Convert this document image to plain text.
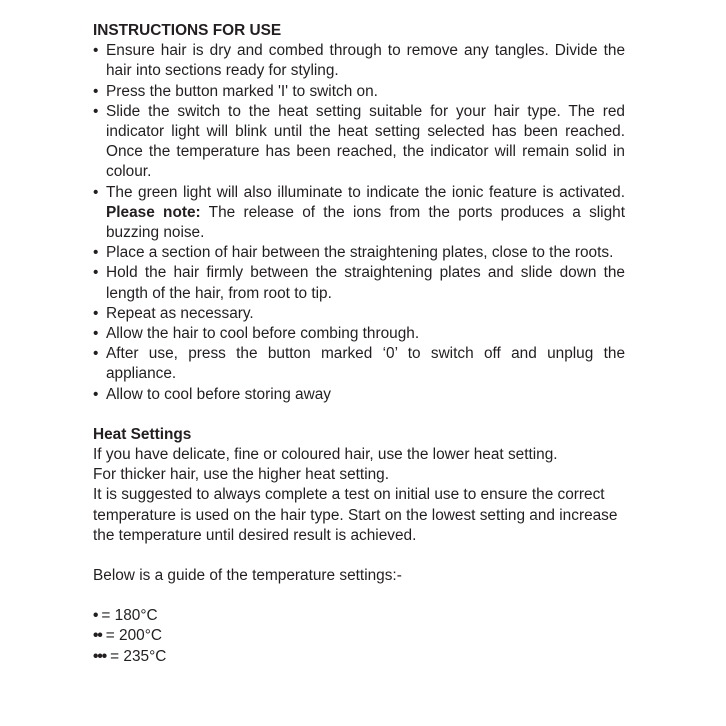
INSTRUCTIONS FOR USE

• Ensure hair is dry and combed through to remove any tangles. Divide the hair into sections ready for styling.
• Press the button marked 'I' to switch on.
• Slide the switch to the heat setting suitable for your hair type. The red indicator light will blink until the heat setting selected has been reached. Once the temperature has been reached, the indicator will remain solid in colour.
• The green light will also illuminate to indicate the ionic feature is activated. Please note: The release of the ions from the ports produces a slight buzzing noise.
• Place a section of hair between the straightening plates, close to the roots.
• Hold the hair firmly between the straightening plates and slide down the length of the hair, from root to tip.
• Repeat as necessary.
• Allow the hair to cool before combing through.
• After use, press the button marked ‘0’ to switch off and unplug the appliance.
• Allow to cool before storing away

Heat Settings

If you have delicate, fine or coloured hair, use the lower heat setting.

For thicker hair, use the higher heat setting.

It is suggested to always complete a test on initial use to ensure the correct temperature is used on the hair type. Start on the lowest setting and increase the temperature until desired result is achieved.

Below is a guide of the temperature settings:-

• = 180°C
•• = 200°C
••• = 235°C
